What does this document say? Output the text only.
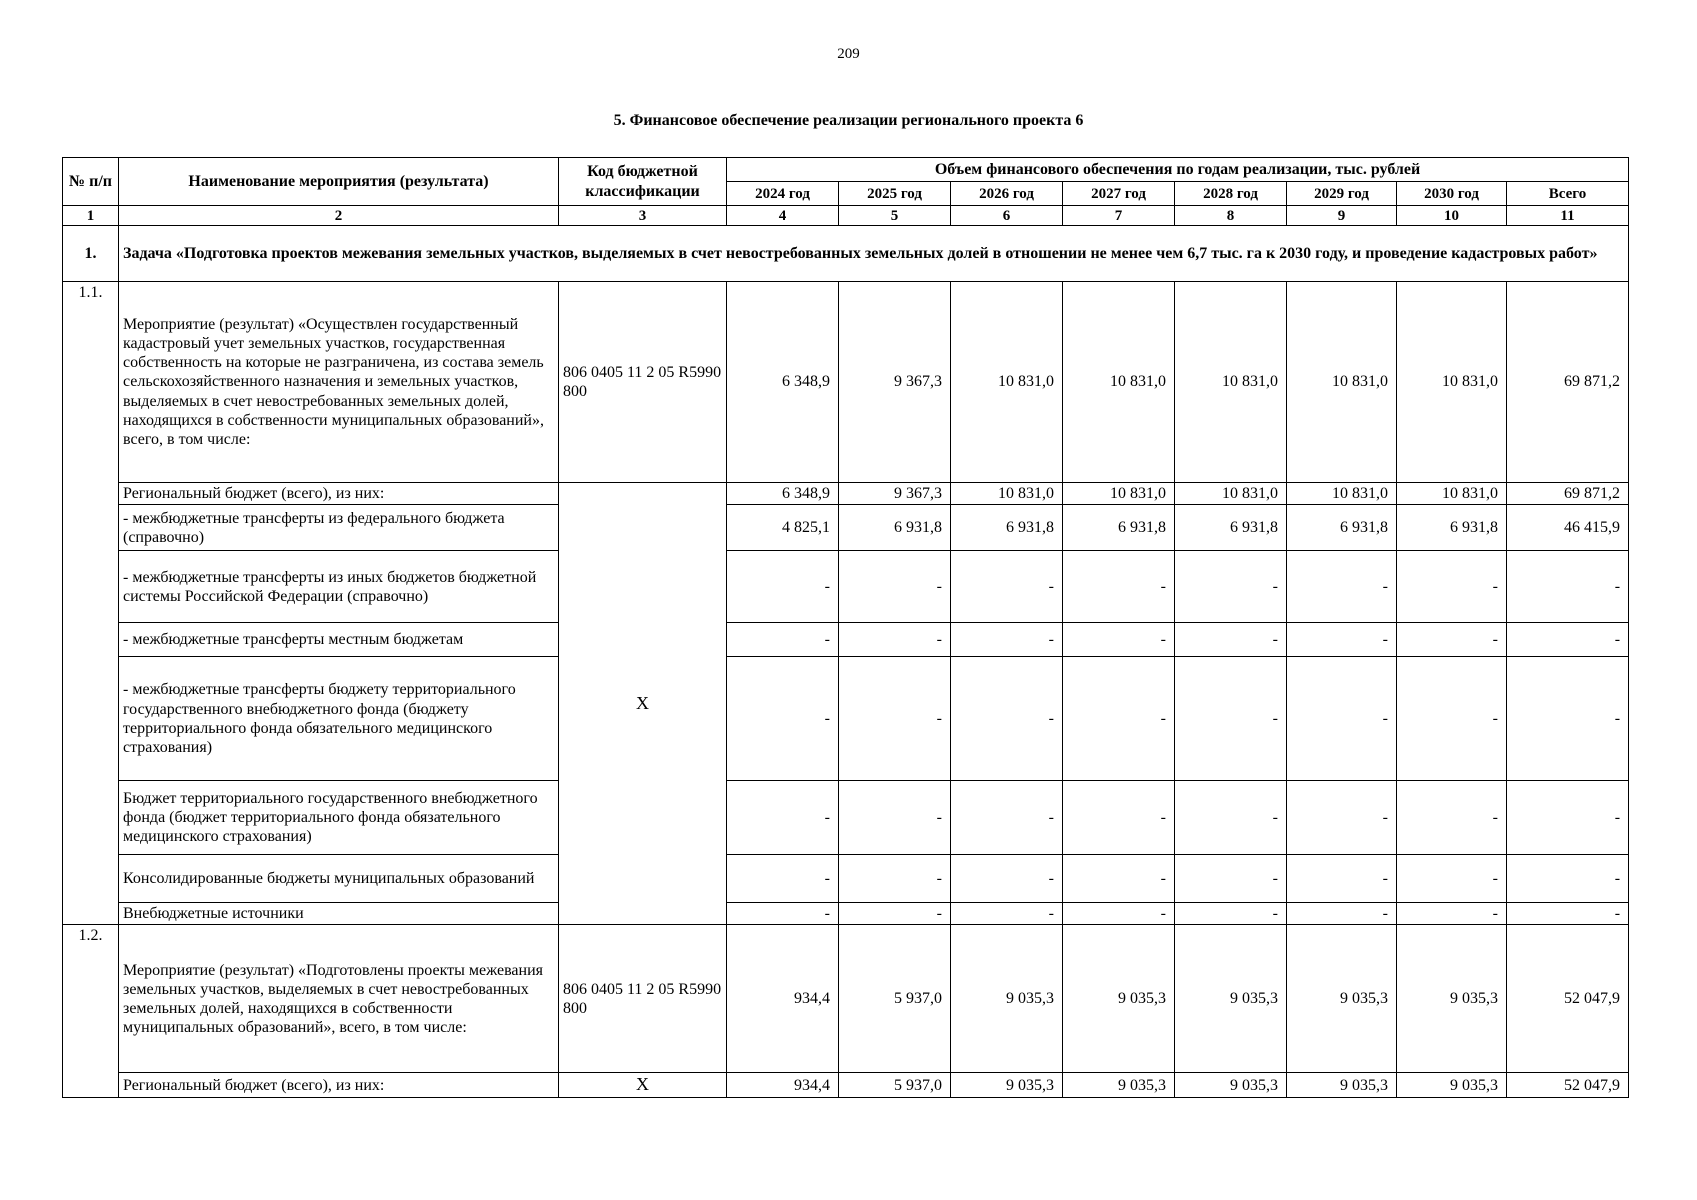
209
5. Финансовое обеспечение реализации регионального проекта 6
№ п/п	Наименование мероприятия (результата)	Код бюджетной классификации	Объем финансового обеспечения по годам реализации, тыс. рублей							
			2024 год	2025 год	2026 год	2027 год	2028 год	2029 год	2030 год	Всего
1	2	3	4	5	6	7	8	9	10	11
1.	Задача «Подготовка проектов межевания земельных участков, выделяемых в счет невостребованных земельных долей в отношении не менее чем 6,7 тыс. га к 2030 году, и проведение кадастровых работ»									
1.1.	Мероприятие (результат) «Осуществлен государственный кадастровый учет земельных участков, государственная собственность на которые не разграничена, из состава земель сельскохозяйственного назначения и земельных участков, выделяемых в счет невостребованных земельных долей, находящихся в собственности муниципальных образований», всего, в том числе:	806 0405 11 2 05 R5990 800	6 348,9	9 367,3	10 831,0	10 831,0	10 831,0	10 831,0	10 831,0	69 871,2
	Региональный бюджет (всего), из них:	X	6 348,9	9 367,3	10 831,0	10 831,0	10 831,0	10 831,0	10 831,0	69 871,2
	- межбюджетные трансферты из федерального бюджета (справочно)		4 825,1	6 931,8	6 931,8	6 931,8	6 931,8	6 931,8	6 931,8	46 415,9
	- межбюджетные трансферты из иных бюджетов бюджетной системы Российской Федерации (справочно)		-	-	-	-	-	-	-	-
	- межбюджетные трансферты местным бюджетам		-	-	-	-	-	-	-	-
	- межбюджетные трансферты бюджету территориального государственного внебюджетного фонда (бюджету территориального фонда обязательного медицинского страхования)		-	-	-	-	-	-	-	-
	Бюджет территориального государственного внебюджетного фонда (бюджет территориального фонда обязательного медицинского страхования)		-	-	-	-	-	-	-	-
	Консолидированные бюджеты муниципальных образований		-	-	-	-	-	-	-	-
	Внебюджетные источники		-	-	-	-	-	-	-	-
1.2.	Мероприятие (результат) «Подготовлены проекты межевания земельных участков, выделяемых в счет невостребованных земельных долей, находящихся в собственности муниципальных образований», всего, в том числе:	806 0405 11 2 05 R5990 800	934,4	5 937,0	9 035,3	9 035,3	9 035,3	9 035,3	9 035,3	52 047,9
	Региональный бюджет (всего), из них:	X	934,4	5 937,0	9 035,3	9 035,3	9 035,3	9 035,3	9 035,3	52 047,9
